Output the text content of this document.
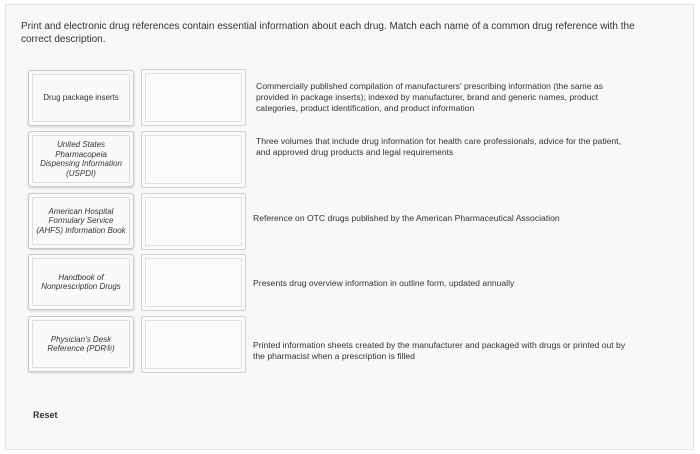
Print and electronic drug references contain essential information about each drug. Match each name of a common drug reference with the correct description.
Drug package inserts
Commercially published compilation of manufacturers' prescribing information (the same as provided in package inserts); indexed by manufacturer, brand and generic names, product categories, product identification, and product information
United States Pharmacopeia Dispensing Information (USPDI)
Three volumes that include drug information for health care professionals, advice for the patient, and approved drug products and legal requirements
American Hospital Formulary Service (AHFS) Information Book
Reference on OTC drugs published by the American Pharmaceutical Association
Handbook of Nonprescription Drugs	Presents drug overview information in outline form, updated annually
Physician’s Desk Reference (PDR®)	Printed information sheets created by the manufacturer and packaged with drugs or printed out by the pharmacist when a prescription is filled
Reset
